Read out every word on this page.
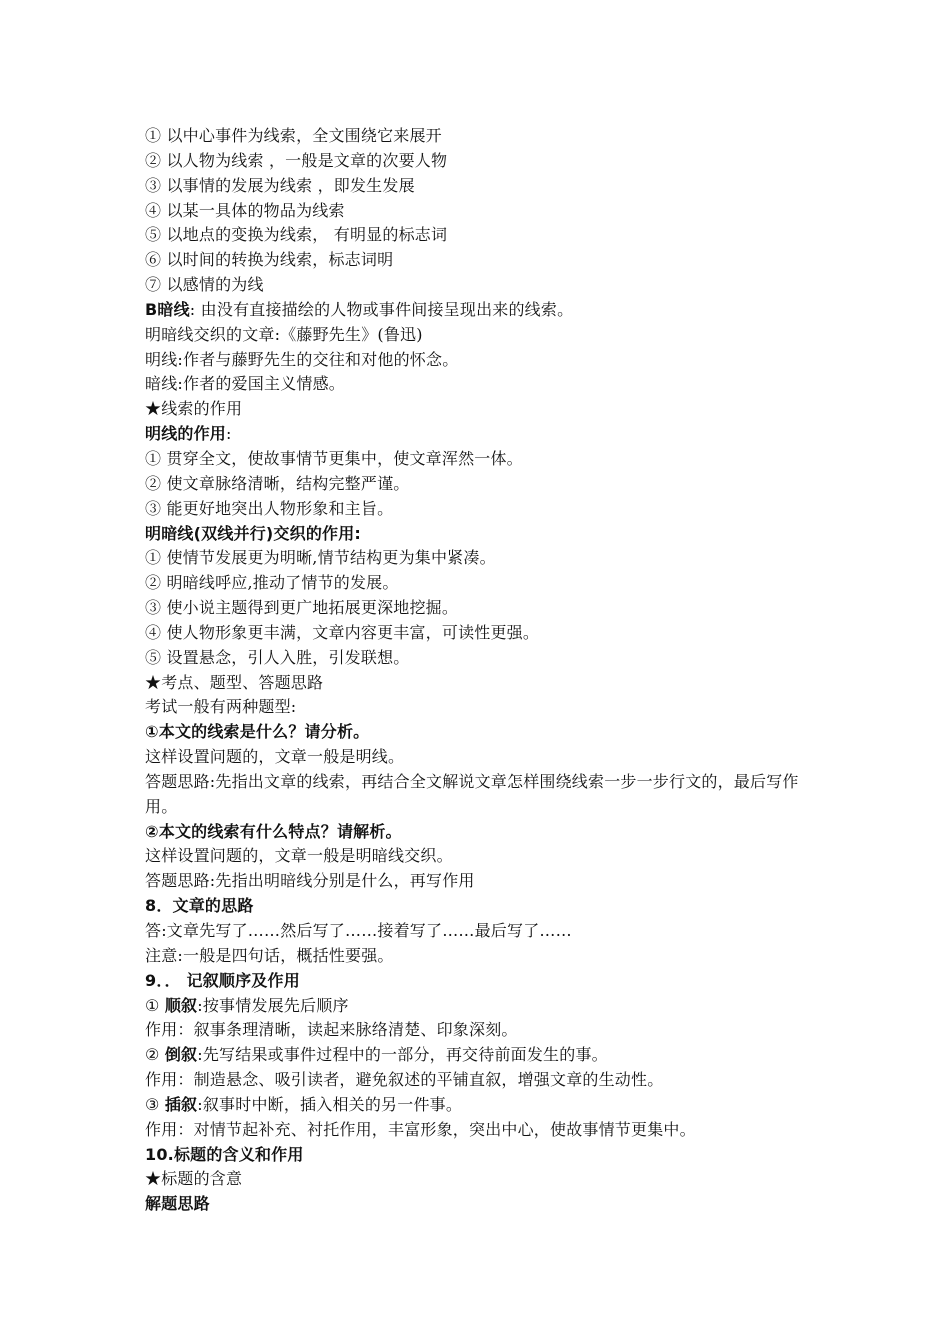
① 以中心事件为线索，全文围绕它来展开
② 以人物为线索 ，一般是文章的次要人物
③ 以事情的发展为线索 ，即发生发展
④ 以某一具体的物品为线索
⑤ 以地点的变换为线索， 有明显的标志词
⑥ 以时间的转换为线索，标志词明
⑦ 以感情的为线
B暗线: 由没有直接描绘的人物或事件间接呈现出来的线索。
明暗线交织的文章:《藤野先生》(鲁迅)
明线:作者与藤野先生的交往和对他的怀念。
暗线:作者的爱国主义情感。
★线索的作用
明线的作用:
① 贯穿全文，使故事情节更集中，使文章浑然一体。
② 使文章脉络清晰，结构完整严谨。
③ 能更好地突出人物形象和主旨。
明暗线(双线并行)交织的作用:
① 使情节发展更为明晰,情节结构更为集中紧凑。
② 明暗线呼应,推动了情节的发展。
③ 使小说主题得到更广地拓展更深地挖掘。
④ 使人物形象更丰满，文章内容更丰富，可读性更强。
⑤ 设置悬念，引人入胜，引发联想。
★考点、题型、答题思路
考试一般有两种题型:
①本文的线索是什么？请分析。
这样设置问题的，文章一般是明线。
答题思路:先指出文章的线索，再结合全文解说文章怎样围绕线索一步一步行文的，最后写作用。
②本文的线索有什么特点？请解析。
这样设置问题的，文章一般是明暗线交织。
答题思路:先指出明暗线分别是什么，再写作用
8．文章的思路
答:文章先写了……然后写了……接着写了……最后写了……
注意:一般是四句话，概括性要强。
9．． 记叙顺序及作用
① 顺叙:按事情发展先后顺序
作用：叙事条理清晰，读起来脉络清楚、印象深刻。
② 倒叙:先写结果或事件过程中的一部分，再交待前面发生的事。
作用：制造悬念、吸引读者，避免叙述的平铺直叙，增强文章的生动性。
③ 插叙:叙事时中断，插入相关的另一件事。
作用：对情节起补充、衬托作用，丰富形象，突出中心，使故事情节更集中。
10.标题的含义和作用
★标题的含意
解题思路
